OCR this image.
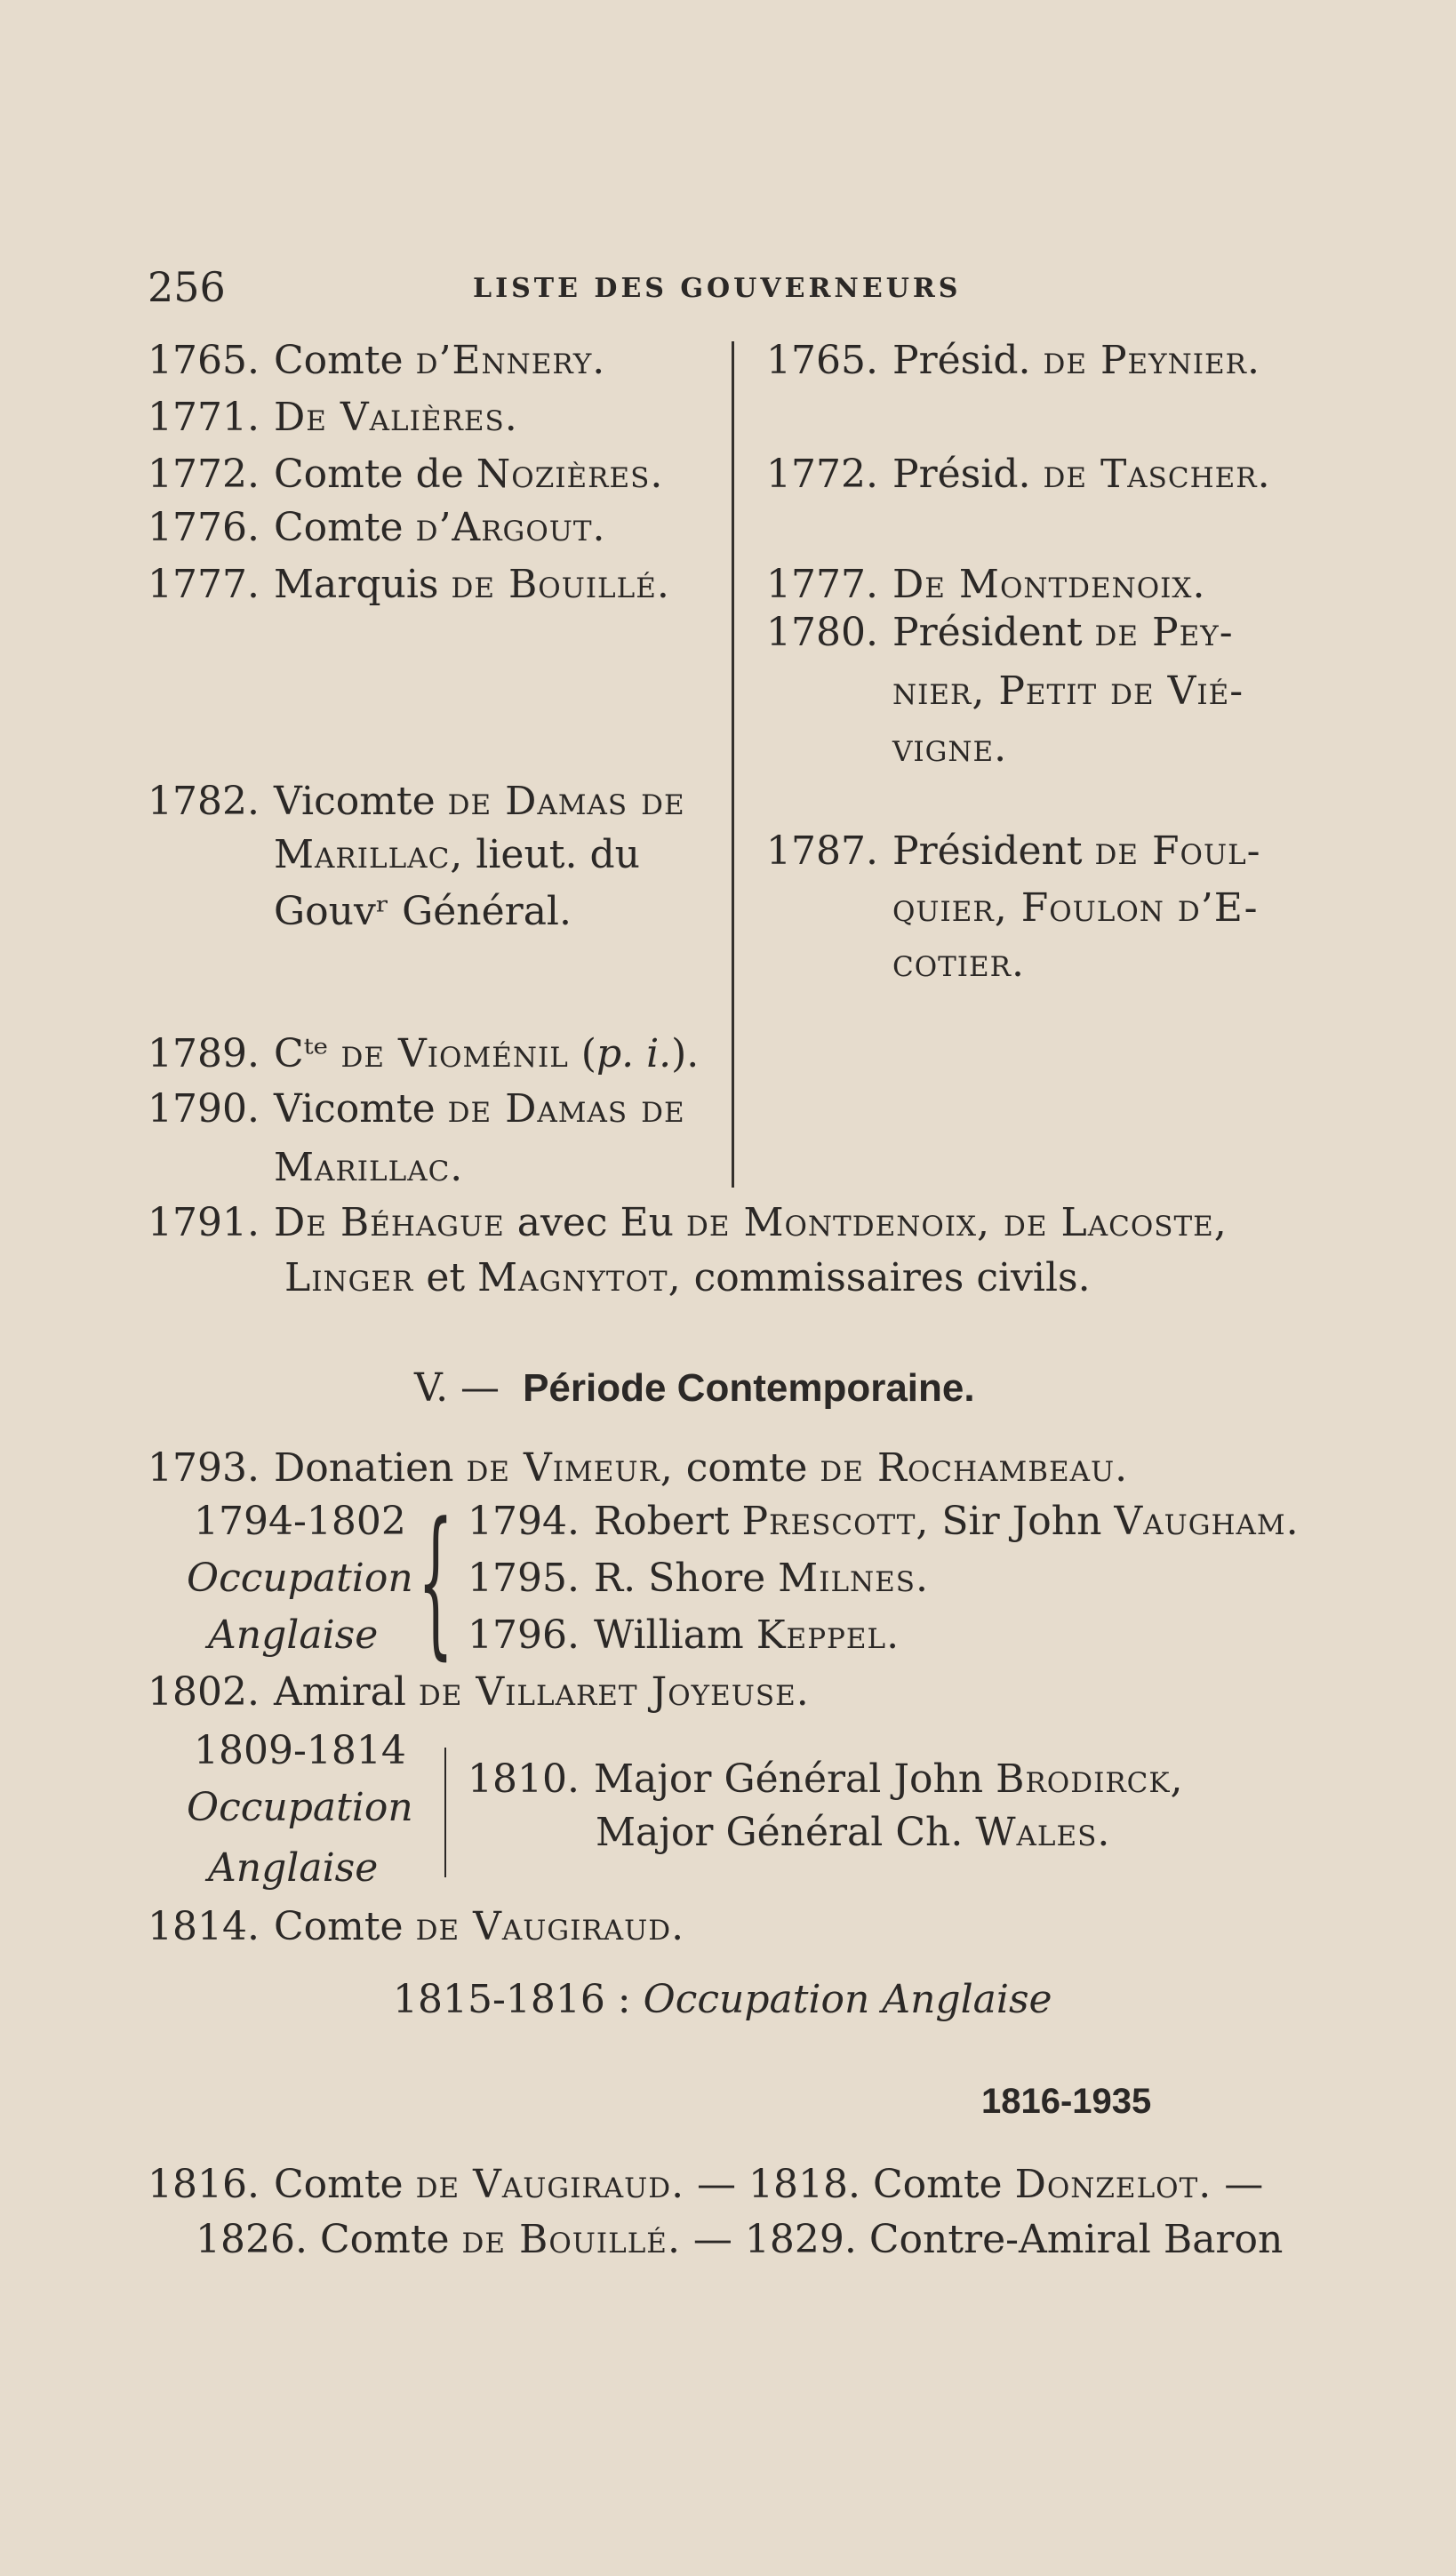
256	LISTE DES GOUVERNEURS
1765. Comte d’Ennery.
1771. De Valières.
1772. Comte de Nozières.
1776. Comte d’Argout.
1777. Marquis de Bouillé.
1782. Vicomte de Damas de
Marillac, lieut. du
Gouvʳ Général.
1789. Cᵗᵉ de Vioménil (p. i.).
1790. Vicomte de Damas de
Marillac.
1765. Présid. de Peynier.
1772. Présid. de Tascher.
1777. De Montdenoix.
1780. Président de Pey-
nier, Petit de Vié-
vigne.
1787. Président de Foul-
quier, Foulon d’E-
cotier.
1791. De Béhague avec Eu de Montdenoix, de Lacoste,
Linger et Magnytot, commissaires civils.
V. — Période Contemporaine.
1793. Donatien de Vimeur, comte de Rochambeau.
1794-1802
Occupation
Anglaise { 1794. Robert Prescott, Sir John Vaugham.
1795. R. Shore Milnes.
1796. William Keppel.
1802. Amiral de Villaret Joyeuse.
1809-1814
Occupation
Anglaise
1810. Major Général John Brodirck,
Major Général Ch. Wales.
1814. Comte de Vaugiraud.
1815-1816 : Occupation Anglaise
1816-1935
1816. Comte de Vaugiraud. — 1818. Comte Donzelot. —
1826. Comte de Bouillé. — 1829. Contre-Amiral Baron
